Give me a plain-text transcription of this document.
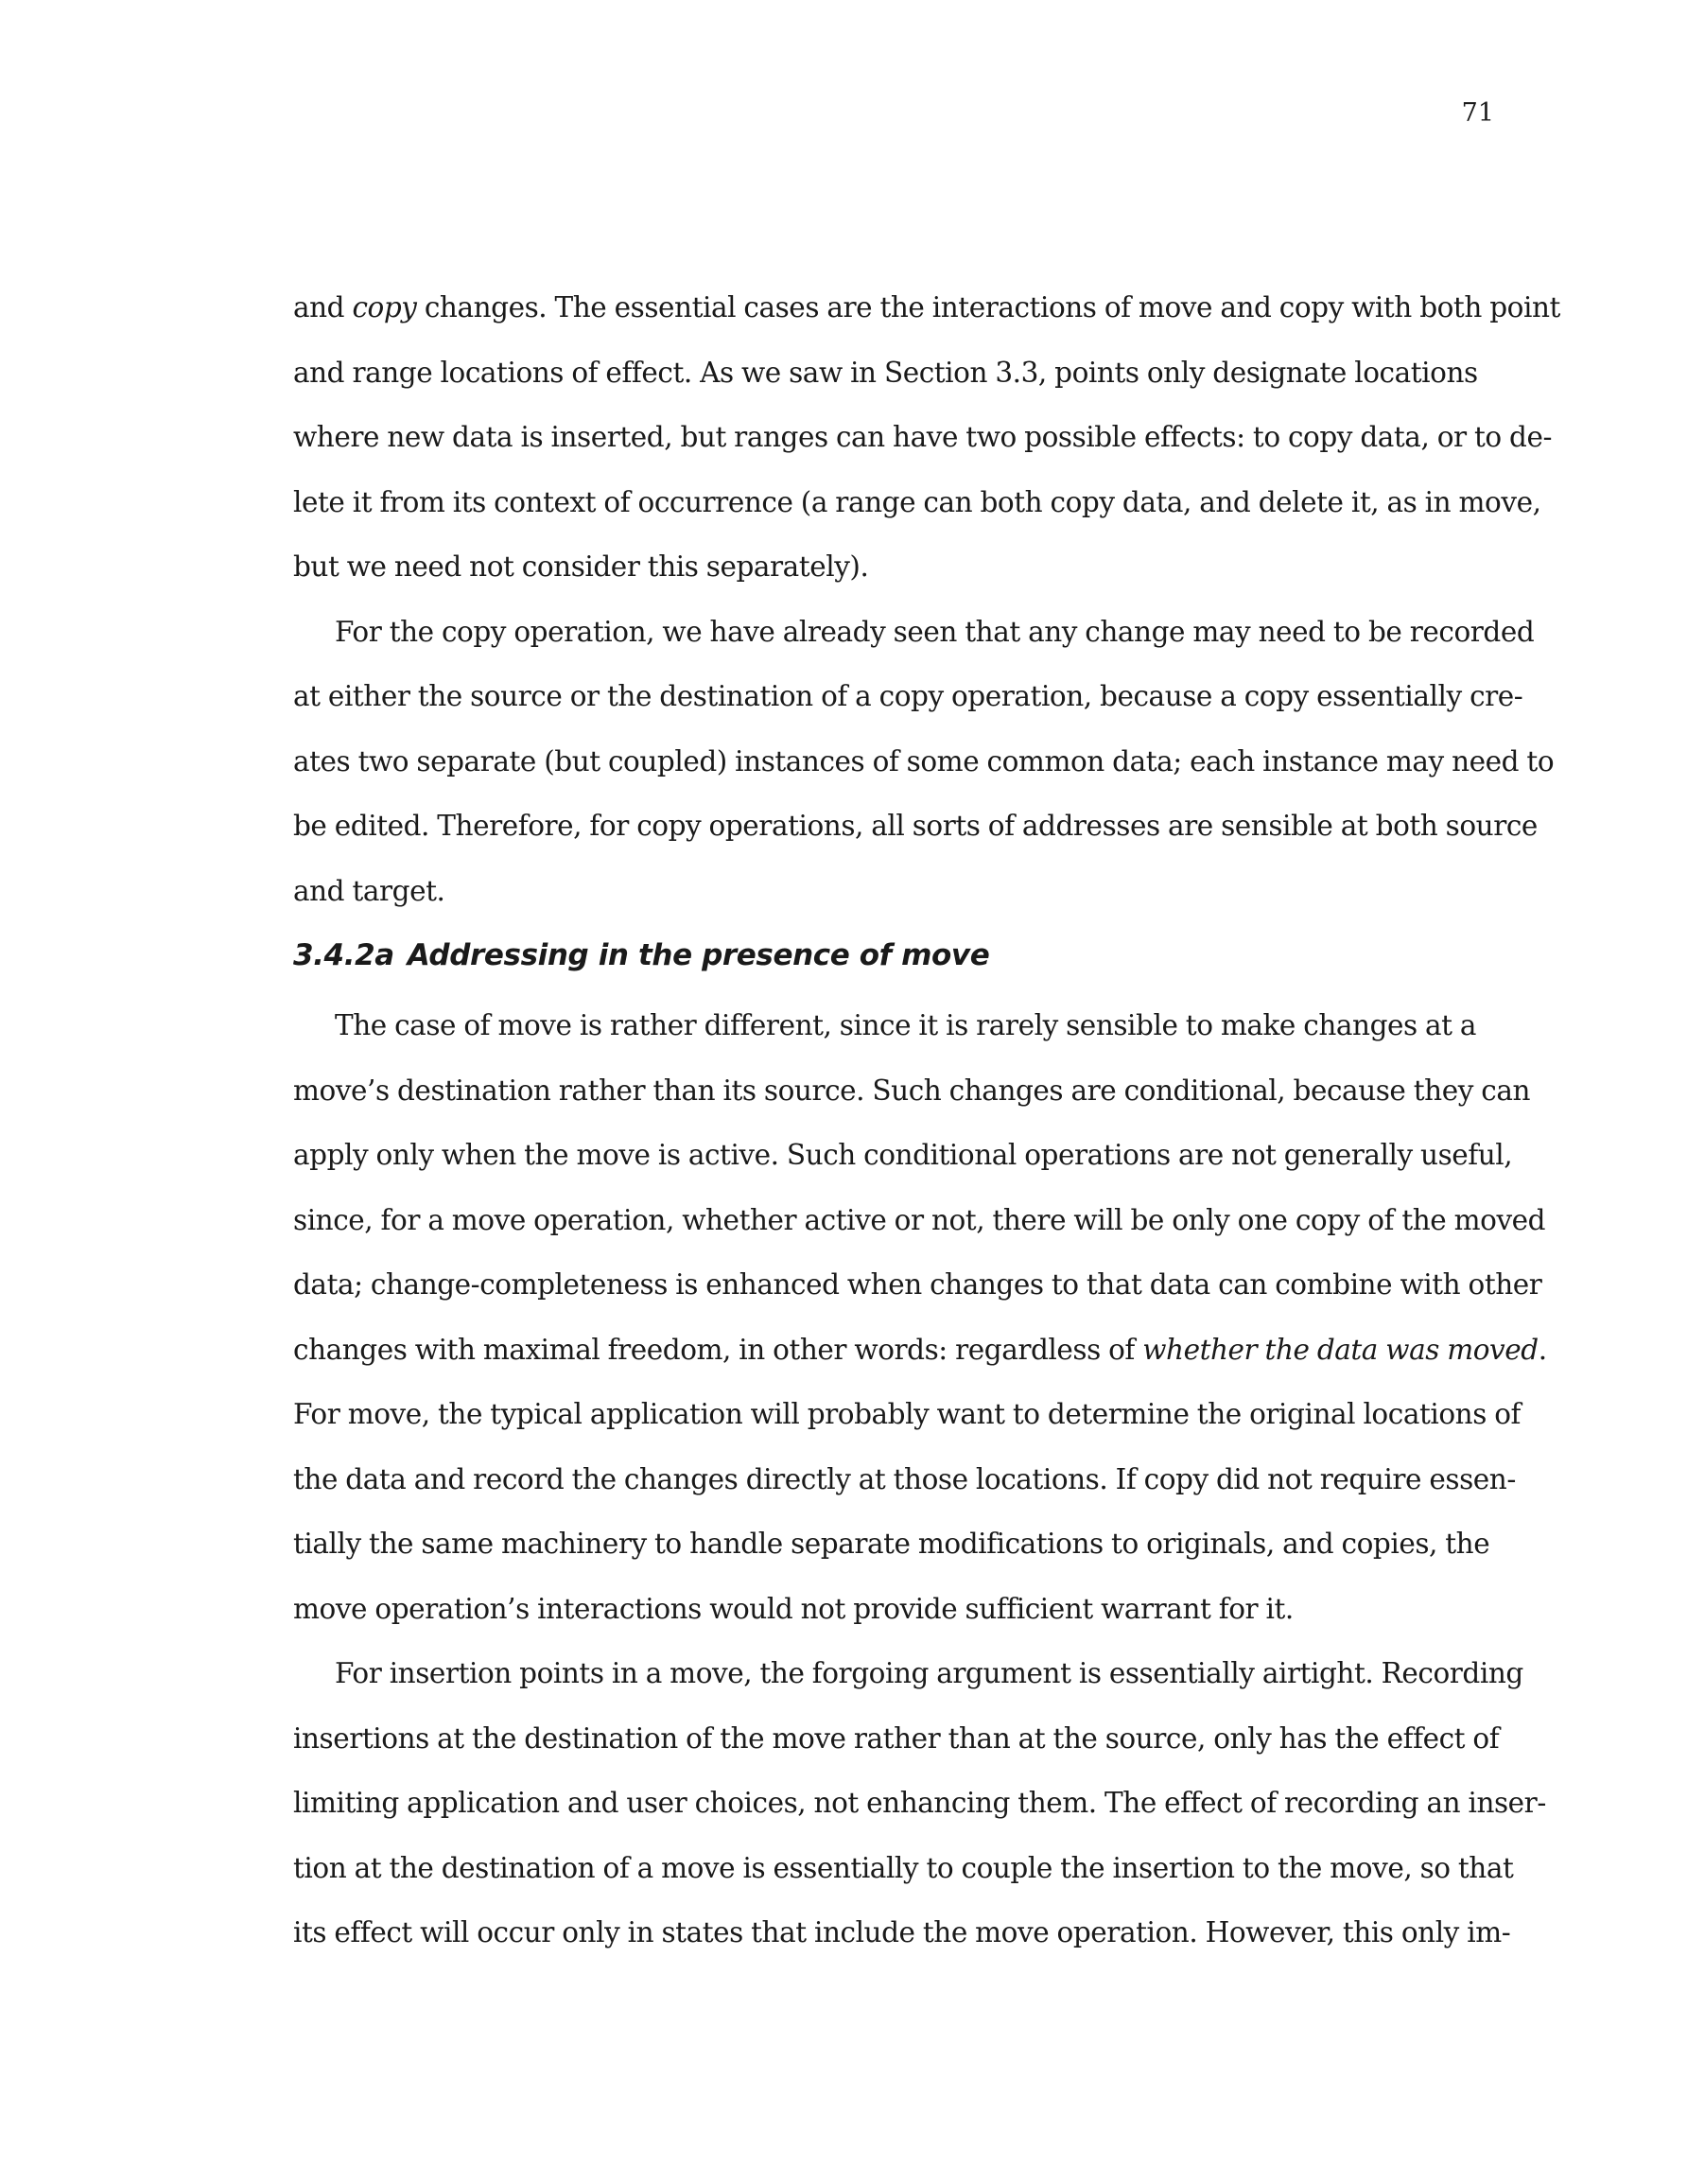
71
and copy changes. The essential cases are the interactions of move and copy with both point
and range locations of effect. As we saw in Section 3.3, points only designate locations
where new data is inserted, but ranges can have two possible effects: to copy data, or to de-
lete it from its context of occurrence (a range can both copy data, and delete it, as in move,
but we need not consider this separately).
For the copy operation, we have already seen that any change may need to be recorded
at either the source or the destination of a copy operation, because a copy essentially cre-
ates two separate (but coupled) instances of some common data; each instance may need to
be edited. Therefore, for copy operations, all sorts of addresses are sensible at both source
and target.
3.4.2a Addressing in the presence of move
The case of move is rather different, since it is rarely sensible to make changes at a
move’s destination rather than its source. Such changes are conditional, because they can
apply only when the move is active. Such conditional operations are not generally useful,
since, for a move operation, whether active or not, there will be only one copy of the moved
data; change-completeness is enhanced when changes to that data can combine with other
changes with maximal freedom, in other words: regardless of whether the data was moved.
For move, the typical application will probably want to determine the original locations of
the data and record the changes directly at those locations. If copy did not require essen-
tially the same machinery to handle separate modifications to originals, and copies, the
move operation’s interactions would not provide sufficient warrant for it.
For insertion points in a move, the forgoing argument is essentially airtight. Recording
insertions at the destination of the move rather than at the source, only has the effect of
limiting application and user choices, not enhancing them. The effect of recording an inser-
tion at the destination of a move is essentially to couple the insertion to the move, so that
its effect will occur only in states that include the move operation. However, this only im-
